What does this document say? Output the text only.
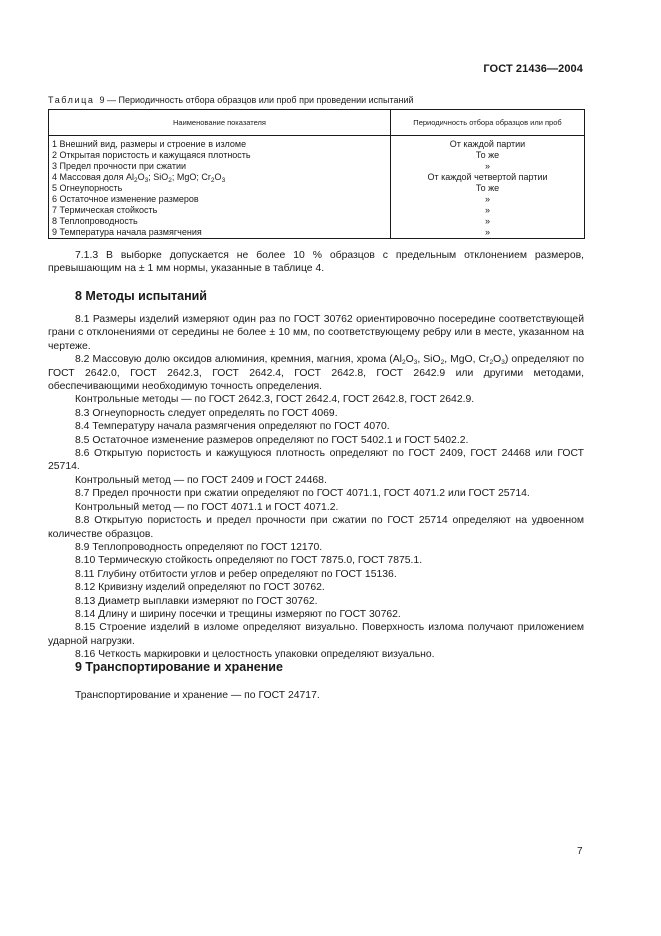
ГОСТ 21436—2004
Таблица 9 — Периодичность отбора образцов или проб при проведении испытаний
Наименование показателя	Периодичность отбора образцов или проб
1 Внешний вид, размеры и строение в изломе	От каждой партии
2 Открытая пористость и кажущаяся плотность	То же
3 Предел прочности при сжатии	»
4 Массовая доля $Al_2O_3$; SiO$_2$; MgO; $Cr_2O_3$	От каждой четвертой партии
5 Огнеупорность	То же
6 Остаточное изменение размеров	»
7 Термическая стойкость	»
8 Теплопроводность	»
9 Температура начала размягчения	»

7.1.3 В выборке допускается не более 10 % образцов с предельным отклонением размеров, превышающим на ± 1 мм нормы, указанные в таблице 4.

8 Методы испытаний

8.1 Размеры изделий измеряют один раз по ГОСТ 30762 ориентировочно посередине соответствующей грани с отклонениями от середины не более ± 10 мм, по соответствующему ребру или в месте, указанном на чертеже.

8.2 Массовую долю оксидов алюминия, кремния, магния, хрома ($Al_2O_3$, SiO$_2$, MgO, $Cr_2O_3$) определяют по ГОСТ 2642.0, ГОСТ 2642.3, ГОСТ 2642.4, ГОСТ 2642.8, ГОСТ 2642.9 или другими методами, обеспечивающими необходимую точность определения.

Контрольные методы — по ГОСТ 2642.3, ГОСТ 2642.4, ГОСТ 2642.8, ГОСТ 2642.9.

8.3 Огнеупорность следует определять по ГОСТ 4069.

8.4 Температуру начала размягчения определяют по ГОСТ 4070.

8.5 Остаточное изменение размеров определяют по ГОСТ 5402.1 и ГОСТ 5402.2.

8.6 Открытую пористость и кажущуюся плотность определяют по ГОСТ 2409, ГОСТ 24468 или ГОСТ 25714.

Контрольный метод — по ГОСТ 2409 и ГОСТ 24468.

8.7 Предел прочности при сжатии определяют по ГОСТ 4071.1, ГОСТ 4071.2 или ГОСТ 25714.

Контрольный метод — по ГОСТ 4071.1 и ГОСТ 4071.2.

8.8 Открытую пористость и предел прочности при сжатии по ГОСТ 25714 определяют на удвоенном количестве образцов.

8.9 Теплопроводность определяют по ГОСТ 12170.

8.10 Термическую стойкость определяют по ГОСТ 7875.0, ГОСТ 7875.1.

8.11 Глубину отбитости углов и ребер определяют по ГОСТ 15136.

8.12 Кривизну изделий определяют по ГОСТ 30762.

8.13 Диаметр выплавки измеряют по ГОСТ 30762.

8.14 Длину и ширину посечки и трещины измеряют по ГОСТ 30762.

8.15 Строение изделий в изломе определяют визуально. Поверхность излома получают приложением ударной нагрузки.

8.16 Четкость маркировки и целостность упаковки определяют визуально.

9 Транспортирование и хранение

Транспортирование и хранение — по ГОСТ 24717.

7
